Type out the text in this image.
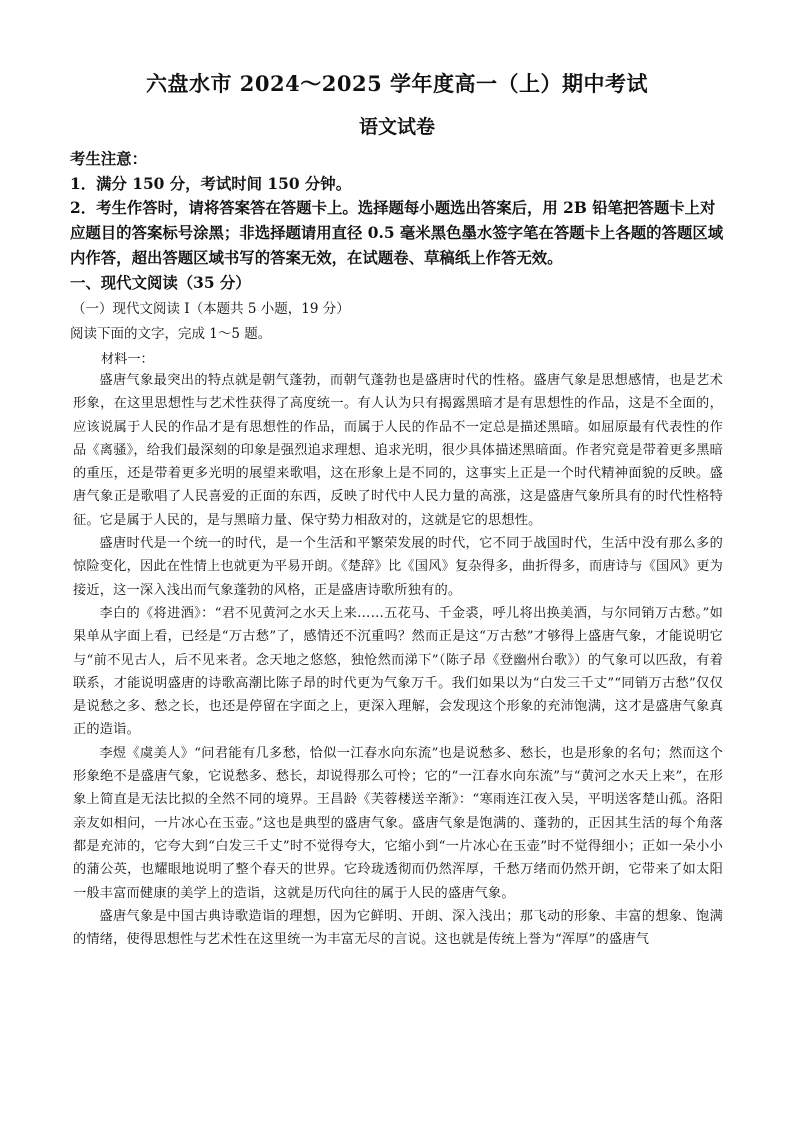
六盘水市 2024～2025 学年度高一（上）期中考试
语文试卷
考生注意：
1．满分 150 分，考试时间 150 分钟。
2．考生作答时，请将答案答在答题卡上。选择题每小题选出答案后，用 2B 铅笔把答题卡上对应题目的答案标号涂黑；非选择题请用直径 0.5 毫米黑色墨水签字笔在答题卡上各题的答题区域内作答，超出答题区域书写的答案无效，在试题卷、草稿纸上作答无效。
一、现代文阅读（35 分）
（一）现代文阅读 I（本题共 5 小题，19 分）
阅读下面的文字，完成 1～5 题。
材料一：

盛唐气象最突出的特点就是朝气蓬勃，而朝气蓬勃也是盛唐时代的性格。盛唐气象是思想感情，也是艺术形象，在这里思想性与艺术性获得了高度统一。有人认为只有揭露黑暗才是有思想性的作品，这是不全面的，应该说属于人民的作品才是有思想性的作品，而属于人民的作品不一定总是描述黑暗。如屈原最有代表性的作品《离骚》，给我们最深刻的印象是强烈追求理想、追求光明，很少具体描述黑暗面。作者究竟是带着更多黑暗的重压，还是带着更多光明的展望来歌唱，这在形象上是不同的，这事实上正是一个时代精神面貌的反映。盛唐气象正是歌唱了人民喜爱的正面的东西，反映了时代中人民力量的高涨，这是盛唐气象所具有的时代性格特征。它是属于人民的，是与黑暗力量、保守势力相敌对的，这就是它的思想性。

盛唐时代是一个统一的时代，是一个生活和平繁荣发展的时代，它不同于战国时代，生活中没有那么多的惊险变化，因此在性情上也就更为平易开朗。《楚辞》比《国风》复杂得多，曲折得多，而唐诗与《国风》更为接近，这一深入浅出而气象蓬勃的风格，正是盛唐诗歌所独有的。

李白的《将进酒》：“君不见黄河之水天上来……五花马、千金裘，呼儿将出换美酒，与尔同销万古愁。”如果单从字面上看，已经是“万古愁”了，感情还不沉重吗？然而正是这“万古愁”才够得上盛唐气象，才能说明它与“前不见古人，后不见来者。念天地之悠悠，独怆然而涕下”（陈子昂《登幽州台歌》）的气象可以匹敌，有着联系，才能说明盛唐的诗歌高潮比陈子昂的时代更为气象万千。我们如果以为“白发三千丈”“同销万古愁”仅仅是说愁之多、愁之长，也还是停留在字面之上，更深入理解，会发现这个形象的充沛饱满，这才是盛唐气象真正的造诣。

李煜《虞美人》“问君能有几多愁，恰似一江春水向东流”也是说愁多、愁长，也是形象的名句；然而这个形象绝不是盛唐气象，它说愁多、愁长，却说得那么可怜；它的“一江春水向东流”与“黄河之水天上来”，在形象上简直是无法比拟的全然不同的境界。王昌龄《芙蓉楼送辛渐》：“寒雨连江夜入吴，平明送客楚山孤。洛阳亲友如相问，一片冰心在玉壶。”这也是典型的盛唐气象。盛唐气象是饱满的、蓬勃的，正因其生活的每个角落都是充沛的，它夸大到“白发三千丈”时不觉得夸大，它缩小到“一片冰心在玉壶”时不觉得细小；正如一朵小小的蒲公英，也耀眼地说明了整个春天的世界。它玲珑透彻而仍然浑厚，千愁万绪而仍然开朗，它带来了如太阳一般丰富而健康的美学上的造诣，这就是历代向往的属于人民的盛唐气象。

盛唐气象是中国古典诗歌造诣的理想，因为它鲜明、开朗、深入浅出；那飞动的形象、丰富的想象、饱满的情绪，使得思想性与艺术性在这里统一为丰富无尽的言说。这也就是传统上誉为“浑厚”的盛唐气
